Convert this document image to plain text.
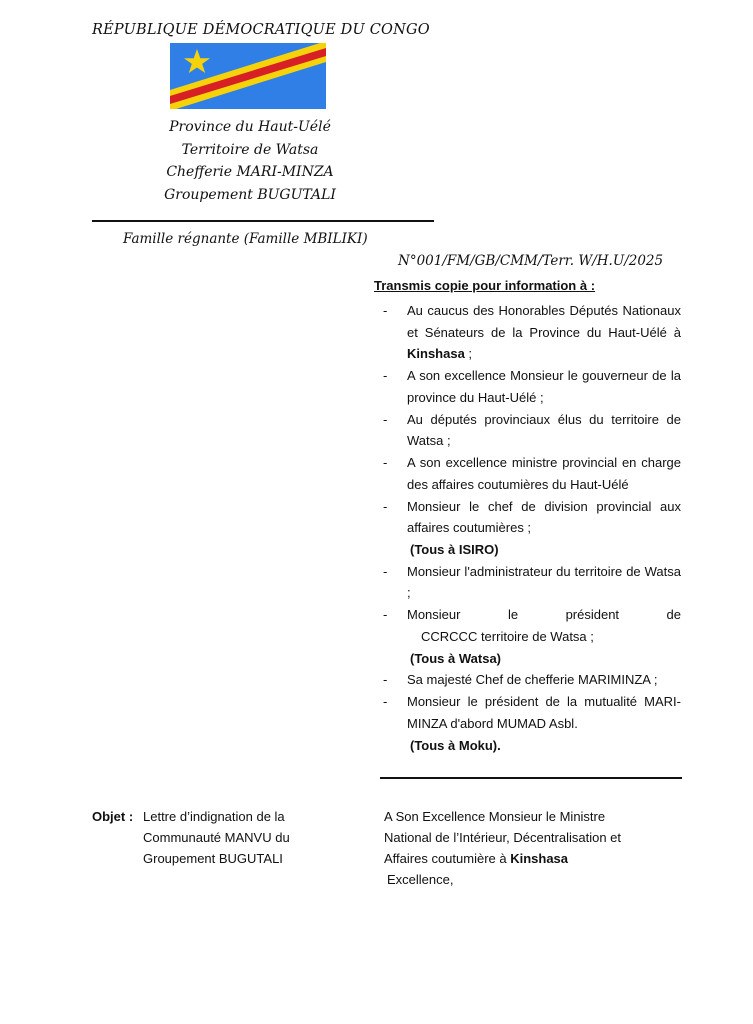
RÉPUBLIQUE DÉMOCRATIQUE DU CONGO
Province du Haut-Uélé
Territoire de Watsa
Chefferie MARI-MINZA
Groupement BUGUTALI
Famille régnante (Famille MBILIKI)
N°001/FM/GB/CMM/Terr. W/H.U/2025
Transmis copie pour information à :
- Au caucus des Honorables Députés Nationaux et Sénateurs de la Province du Haut-Uélé à Kinshasa ;
- A son excellence Monsieur le gouverneur de la province du Haut-Uélé ;
- Au députés provinciaux élus du territoire de Watsa ;
- A son excellence ministre provincial en charge des affaires coutumières du Haut-Uélé
- Monsieur le chef de division provincial aux affaires coutumières ;
(Tous à ISIRO)
- Monsieur l'administrateur du territoire de Watsa ;
- Monsieur le président de
CCRCCC territoire de Watsa ;
(Tous à Watsa)
- Sa majesté Chef de chefferie MARIMINZA ;
- Monsieur le président de la mutualité MARI-MINZA d'abord MUMAD Asbl.
(Tous à Moku).
Objet : Lettre d’indignation de la
Communauté MANVU du
Groupement BUGUTALI
A Son Excellence Monsieur le Ministre
National de l’Intérieur, Décentralisation et
Affaires coutumière à Kinshasa
Excellence,
